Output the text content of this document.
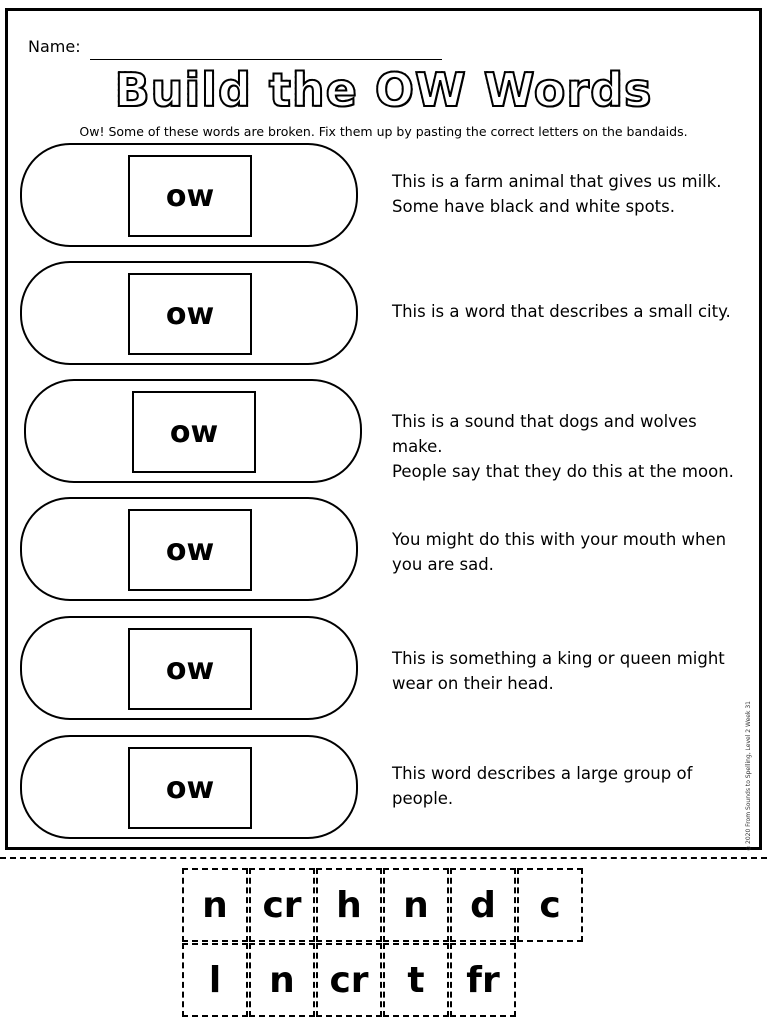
Name:
Build the OW Words
Ow! Some of these words are broken. Fix them up by pasting the correct letters on the bandaids.
ow	This is a farm animal that gives us milk.
Some have black and white spots.
ow	This is a word that describes a small city.
ow	This is a sound that dogs and wolves make.
People say that they do this at the moon.
ow	You might do this with your mouth when
you are sad.
ow	This is something a king or queen might
wear on their head.
ow	This word describes a large group of
people.	©2020 From Sounds to Spelling, Level 2 Week 31
n cr h	n	d	c
l	n cr	t	fr
